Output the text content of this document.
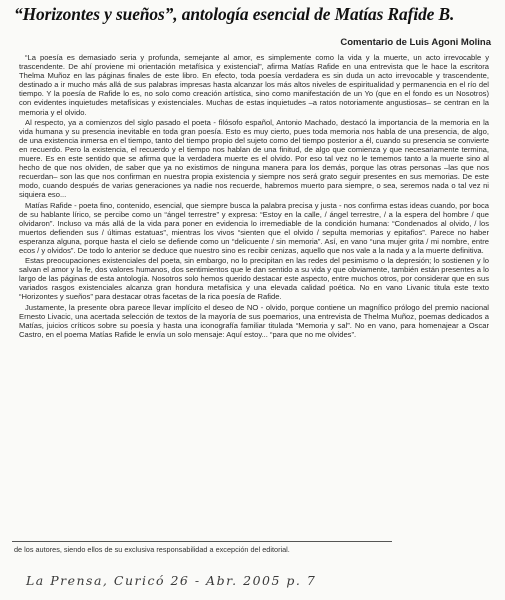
“Horizontes y sueños”, antología esencial de Matías Rafide B.

Comentario de Luis Agoni Molina

“La poesía es demasiado seria y profunda, semejante al amor, es simplemente como la vida y la muerte, un acto irrevocable y trascendente. De ahí proviene mi orientación metafísica y existencial”, afirma Matías Rafide en una entrevista que le hace la escritora Thelma Muñoz en las páginas finales de este libro. En efecto, toda poesía verdadera es sin duda un acto irrevocable y trascendente, destinado a ir mucho más allá de sus palabras impresas hasta alcanzar los más altos niveles de espiritualidad y permanencia en el río del tiempo. Y la poesía de Rafide lo es, no solo como creación artística, sino como manifestación de un Yo (que en el fondo es un Nosotros) con evidentes inquietudes metafísicas y existenciales. Muchas de estas inquietudes –a ratos notoriamente angustiosas– se centran en la memoria y el olvido.

Al respecto, ya a comienzos del siglo pasado el poeta - filósofo español, Antonio Machado, destacó la importancia de la memoria en la vida humana y su presencia inevitable en toda gran poesía. Esto es muy cierto, pues toda memoria nos habla de una presencia, de algo, de una existencia inmersa en el tiempo, tanto del tiempo propio del sujeto como del tiempo posterior a él, cuando su presencia se convierte en recuerdo. Pero la existencia, el recuerdo y el tiempo nos hablan de una finitud, de algo que comienza y que necesariamente termina, muere. Es en este sentido que se afirma que la verdadera muerte es el olvido. Por eso tal vez no le tememos tanto a la muerte sino al hecho de que nos olviden, de saber que ya no existimos de ninguna manera para los demás, porque las otras personas –las que nos recuerdan– son las que nos confirman en nuestra propia existencia y siempre nos será grato seguir presentes en sus memorias. De este modo, cuando después de varias generaciones ya nadie nos recuerde, habremos muerto para siempre, o sea, seremos nada o tal vez ni siquiera eso...

Matías Rafide - poeta fino, contenido, esencial, que siempre busca la palabra precisa y justa - nos confirma estas ideas cuando, por boca de su hablante lírico, se percibe como un “ángel terrestre” y expresa: “Estoy en la calle, / ángel terrestre, / a la espera del hombre / que olvidaron”. Incluso va más allá de la vida para poner en evidencia lo irremediable de la condición humana: “Condenados al olvido, / los muertos defienden sus / últimas estatuas”, mientras los vivos “sienten que el olvido / sepulta memorias y epitafios”. Parece no haber esperanza alguna, porque hasta el cielo se defiende como un “delicuente / sin memoria”. Así, en vano “una mujer grita / mi nombre, entre ecos / y olvidos”. De todo lo anterior se deduce que nuestro sino es recibir cenizas, aquello que nos vale a la nada y a la muerte definitiva.

Estas preocupaciones existenciales del poeta, sin embargo, no lo precipitan en las redes del pesimismo o la depresión; lo sostienen y lo salvan el amor y la fe, dos valores humanos, dos sentimientos que le dan sentido a su vida y que obviamente, también están presentes a lo largo de las páginas de esta antología. Nosotros solo hemos querido destacar este aspecto, entre muchos otros, por considerar que en sus variados rasgos existenciales alcanza gran hondura metafísica y una elevada calidad poética. No en vano Livanic titula este texto “Horizontes y sueños” para destacar otras facetas de la rica poesía de Rafide.

Justamente, la presente obra parece llevar implícito el deseo de NO - olvido, porque contiene un magnífico prólogo del premio nacional Ernesto Livacic, una acertada selección de textos de la mayoría de sus poemarios, una entrevista de Thelma Muñoz, poemas dedicados a Matías, juicios críticos sobre su poesía y hasta una iconografía familiar titulada “Memoria y sal”. No en vano, para homenajear a Oscar Castro, en el poema Matías Rafide le envía un solo mensaje: Aquí estoy... “para que no me olvides”.

de los autores, siendo ellos de su exclusiva responsabilidad a excepción del editorial.
La Prensa, Curicó 26 - Abr. 2005 p. 7
